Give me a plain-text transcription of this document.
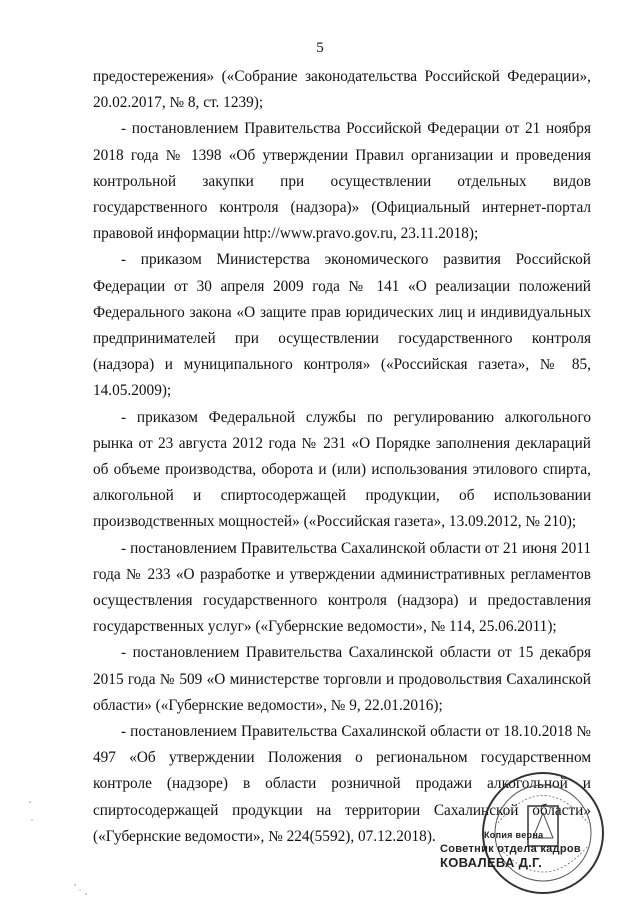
5

предостережения» («Собрание законодательства Российской Федерации», 20.02.2017, № 8, ст. 1239);

- постановлением Правительства Российской Федерации от 21 ноября 2018 года № 1398 «Об утверждении Правил организации и проведения контрольной закупки при осуществлении отдельных видов государственного контроля (надзора)» (Официальный интернет-портал правовой информации http://www.pravo.gov.ru, 23.11.2018);

- приказом Министерства экономического развития Российской Федерации от 30 апреля 2009 года № 141 «О реализации положений Федерального закона «О защите прав юридических лиц и индивидуальных предпринимателей при осуществлении государственного контроля (надзора) и муниципального контроля» («Российская газета», № 85, 14.05.2009);

- приказом Федеральной службы по регулированию алкогольного рынка от 23 августа 2012 года № 231 «О Порядке заполнения деклараций об объеме производства, оборота и (или) использования этилового спирта, алкогольной и спиртосодержащей продукции, об использовании производственных мощностей» («Российская газета», 13.09.2012, № 210);

- постановлением Правительства Сахалинской области от 21 июня 2011 года № 233 «О разработке и утверждении административных регламентов осуществления государственного контроля (надзора) и предоставления государственных услуг» («Губернские ведомости», № 114, 25.06.2011);

- постановлением Правительства Сахалинской области от 15 декабря 2015 года № 509 «О министерстве торговли и продовольствия Сахалинской области» («Губернские ведомости», № 9, 22.01.2016);

- постановлением Правительства Сахалинской области от 18.10.2018 № 497 «Об утверждении Положения о региональном государственном контроле (надзоре) в области розничной продажи алкогольной и спиртосодержащей продукции на территории Сахалинской области» («Губернские ведомости», № 224(5592), 07.12.2018).	Копия верна
Советник отдела кадров
КОВАЛЕВА Д.Г.
